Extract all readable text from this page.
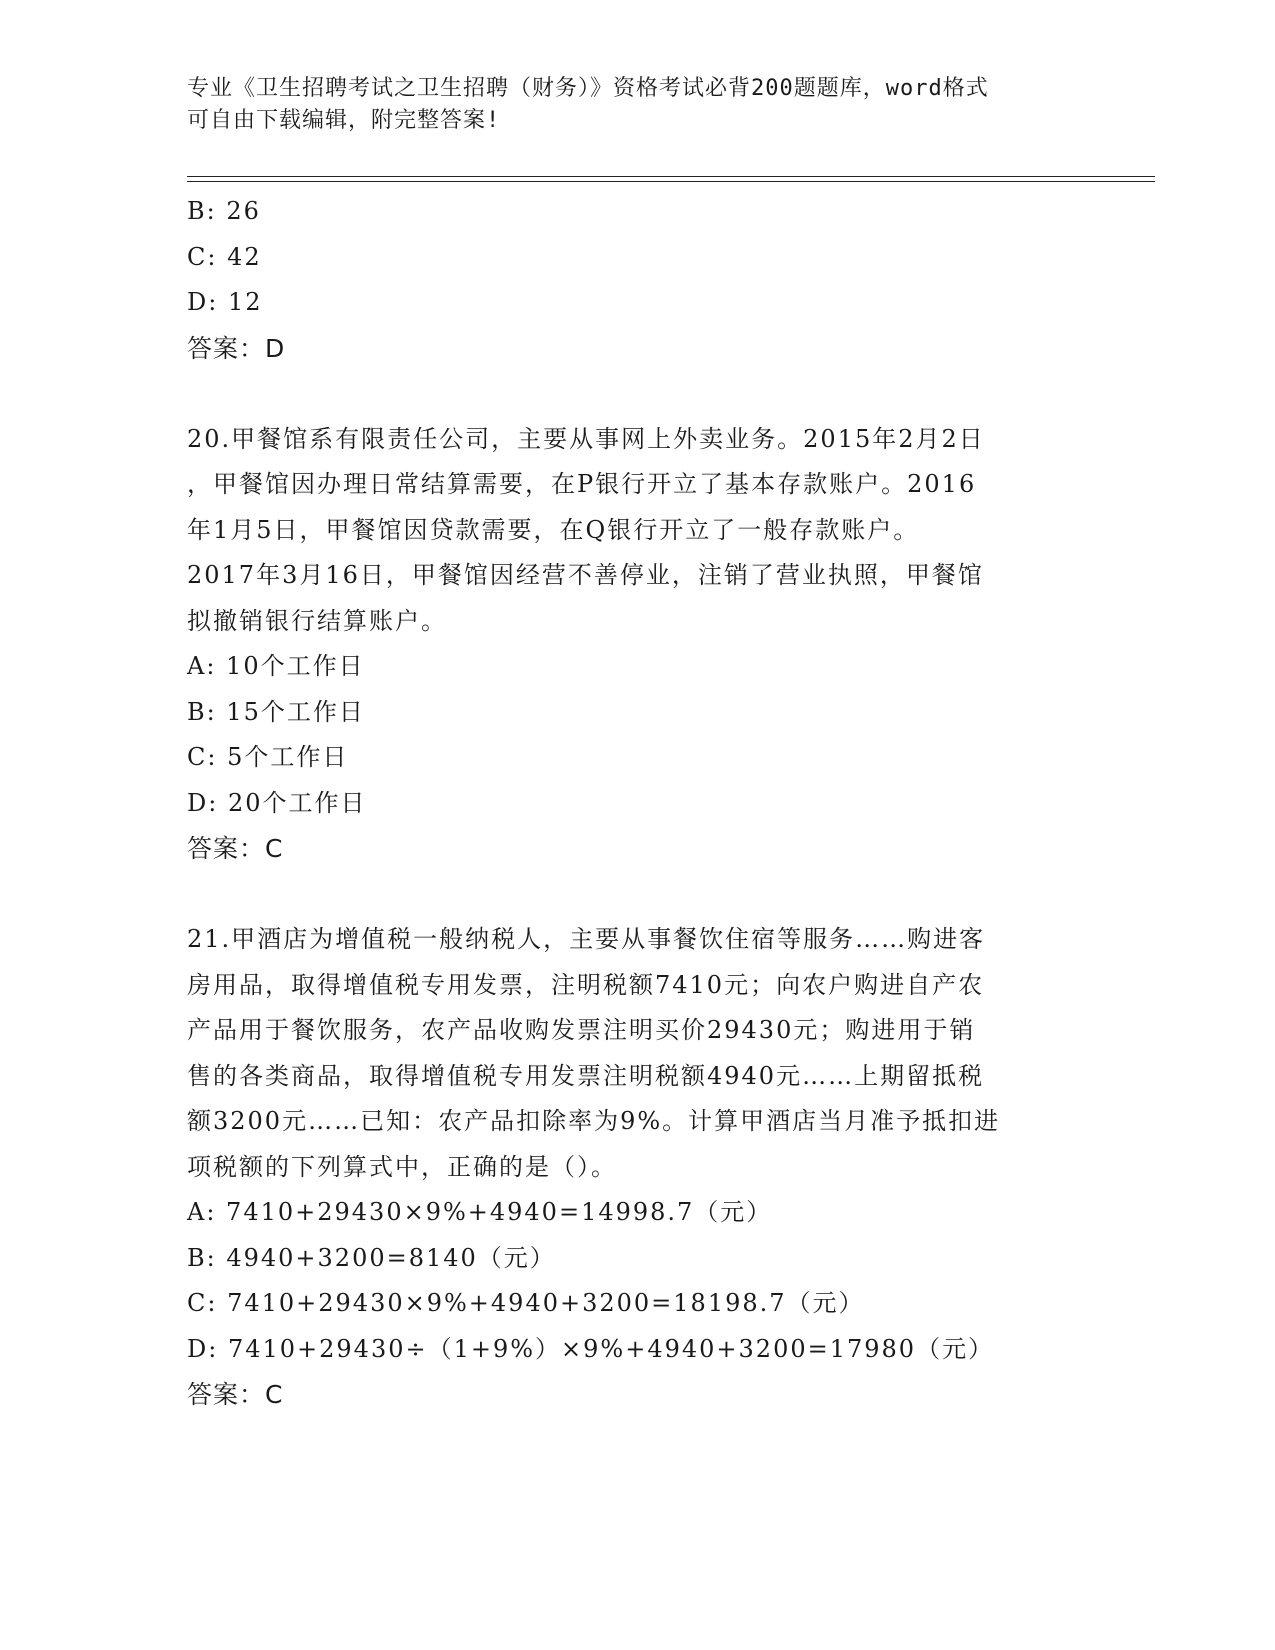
专业《卫生招聘考试之卫生招聘（财务）》资格考试必背200题题库，word格式
可自由下载编辑，附完整答案!
B: 26
C: 42
D: 12
答案：D
20.甲餐馆系有限责任公司，主要从事网上外卖业务。2015年2月2日
，甲餐馆因办理日常结算需要，在P银行开立了基本存款账户。2016
年1月5日，甲餐馆因贷款需要，在Q银行开立了一般存款账户。
2017年3月16日，甲餐馆因经营不善停业，注销了营业执照，甲餐馆
拟撤销银行结算账户。
A: 10个工作日
B: 15个工作日
C: 5个工作日
D: 20个工作日
答案：C
21.甲酒店为增值税一般纳税人，主要从事餐饮住宿等服务……购进客
房用品，取得增值税专用发票，注明税额7410元；向农户购进自产农
产品用于餐饮服务，农产品收购发票注明买价29430元；购进用于销
售的各类商品，取得增值税专用发票注明税额4940元……上期留抵税
额3200元……已知：农产品扣除率为9%。计算甲酒店当月准予抵扣进
项税额的下列算式中，正确的是（）。
A: 7410+29430×9%+4940=14998.7（元）
B: 4940+3200=8140（元）
C: 7410+29430×9%+4940+3200=18198.7（元）
D: 7410+29430÷（1+9%）×9%+4940+3200=17980（元）
答案：C
